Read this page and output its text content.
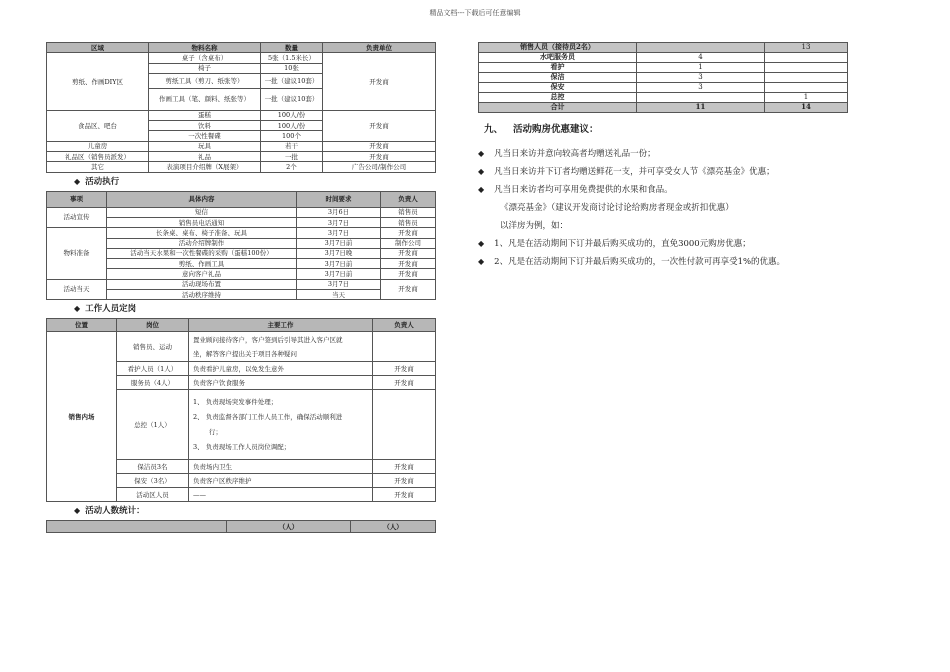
精品文档---下载后可任意编辑
区域	物料名称	数量	负责单位
剪纸、作画DIY区	桌子（含桌布）	5张（1.5米长）	开发商
	椅子	10张	
	剪纸工具（剪刀、纸张等）	一批（建议10套）	
	作画工具（笔、颜料、纸张等）	一批（建议10套）	
食品区、吧台	蛋糕	100人/份	开发商
	饮料	100人/份	
	一次性餐碟	100个	
儿童房	玩具	若干	开发商
礼品区（销售员派发）	礼品	一批	开发商
其它	表演项目介绍牌（X展架）	2个	广告公司/制作公司
◆ 活动执行
事项	具体内容	时间要求	负责人
活动宣传	短信	3月6日	销售员
	销售员电话通知	3月7日	销售员
物料准备	长条桌、桌布、椅子准备、玩具	3月7日	开发商
	活动介绍牌制作	3月7日前	制作公司
	活动当天水果和一次性餐碟的采购（蛋糕100份）	3月7日晚	开发商
	剪纸、作画工具	3月7日前	开发商
	意向客户礼品	3月7日前	开发商
活动当天	活动现场布置	3月7日	开发商
	活动秩序维持	当天	
◆ 工作人员定岗
位置	岗位	主要工作	负责人
销售内场	销售员、运动	置业顾问接待客户，客户签到后引导其进入客户区就
坐，解答客户提出关于项目各种疑问	

	看护人员（1人）	负责看护儿童房，以免发生意外	开发商
	服务员（4人）	负责客户饮食服务	开发商
	总控（1人）	1、 负责现场突发事件处理；
2、 负责监督各部门工作人员工作，确保活动顺利进
行；
3、 负责现场工作人员岗位调配；	

	保洁员3名	负责场内卫生	开发商
	保安（3名）	负责客户区秩序维护	开发商
	活动区人员	——	开发商
◆ 活动人数统计：
	（人）	（人）
销售人员（接待员2名）		13
水吧服务员	4	
看护	1	
保洁	3	
保安	3	
总控		1
合计	11	14
九、 活动购房优惠建议：
◆ 凡当日来访并意向较高者均赠送礼品一份；
◆ 凡当日来访并下订者均赠送鲜花一支，并可享受女人节《漂亮基金》优惠；
◆ 凡当日来访者均可享用免费提供的水果和食品。
《漂亮基金》（建议开发商讨论讨论给购房者现金或折扣优惠）
以洋房为例，如：
◆ 1、凡是在活动期间下订并最后购买成功的，直免3000元购房优惠；
◆ 2、凡是在活动期间下订并最后购买成功的，一次性付款可再享受1%的优惠。
